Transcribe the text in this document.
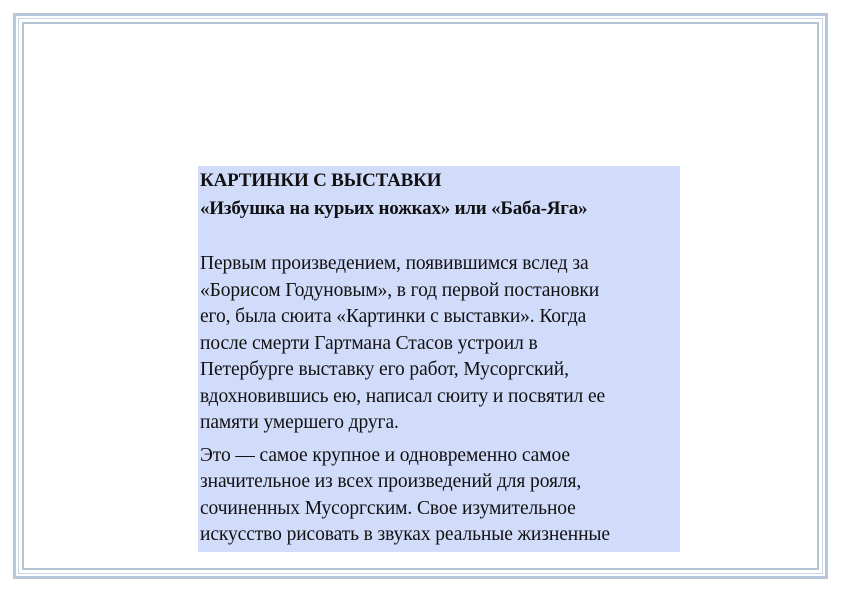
КАРТИНКИ С ВЫСТАВКИ

«Избушка на курьих ножках» или «Баба-Яга»

Первым произведением, появившимся вслед за
«Борисом Годуновым», в год первой постановки
его, была сюита «Картинки с выставки». Когда
после смерти Гартмана Стасов устроил в
Петербурге выставку его работ, Мусоргский,
вдохновившись ею, написал сюиту и посвятил ее
памяти умершего друга.

Это — самое крупное и одновременно самое
значительное из всех произведений для рояля,
сочиненных Мусоргским. Свое изумительное
искусство рисовать в звуках реальные жизненные
